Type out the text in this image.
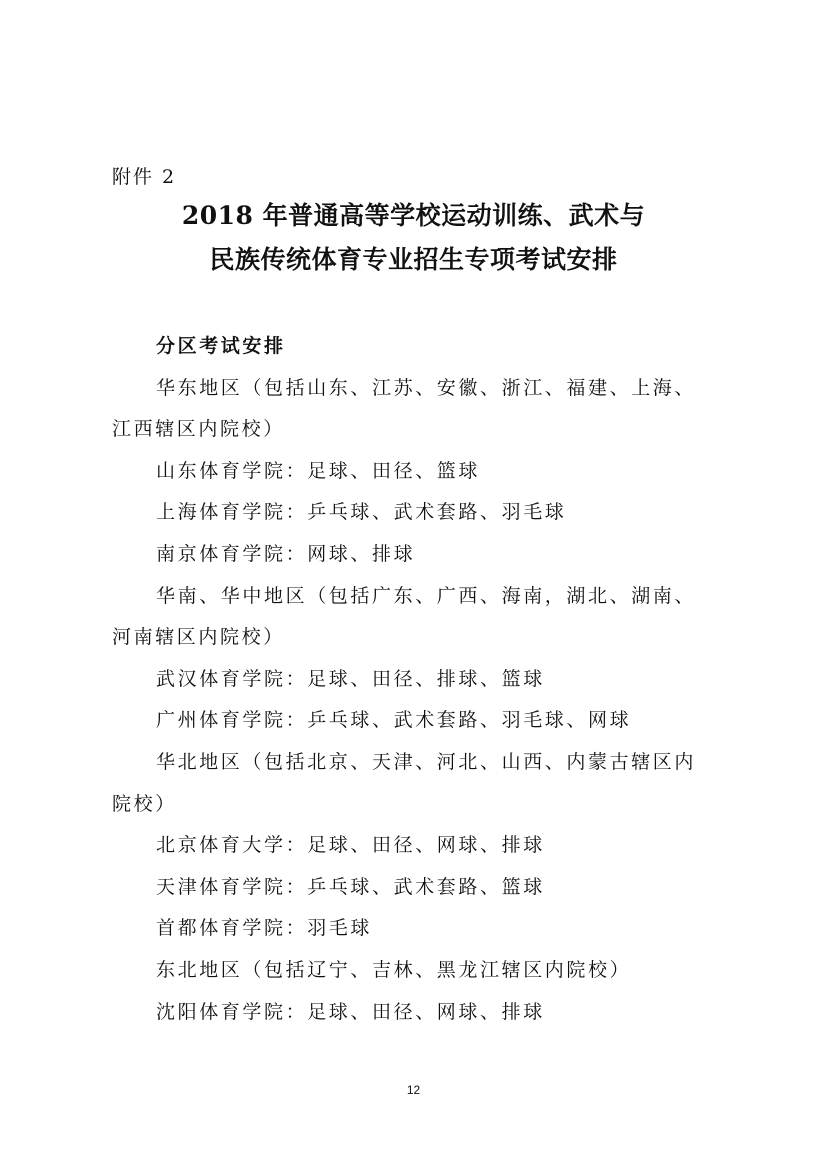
附件 2
2018 年普通高等学校运动训练、武术与
民族传统体育专业招生专项考试安排

分区考试安排

华东地区（包括山东、江苏、安徽、浙江、福建、上海、

江西辖区内院校）

山东体育学院：足球、田径、篮球

上海体育学院：乒乓球、武术套路、羽毛球

南京体育学院：网球、排球

华南、华中地区（包括广东、广西、海南，湖北、湖南、

河南辖区内院校）

武汉体育学院：足球、田径、排球、篮球

广州体育学院：乒乓球、武术套路、羽毛球、网球

华北地区（包括北京、天津、河北、山西、内蒙古辖区内

院校）

北京体育大学：足球、田径、网球、排球

天津体育学院：乒乓球、武术套路、篮球

首都体育学院：羽毛球

东北地区（包括辽宁、吉林、黑龙江辖区内院校）

沈阳体育学院：足球、田径、网球、排球

12
